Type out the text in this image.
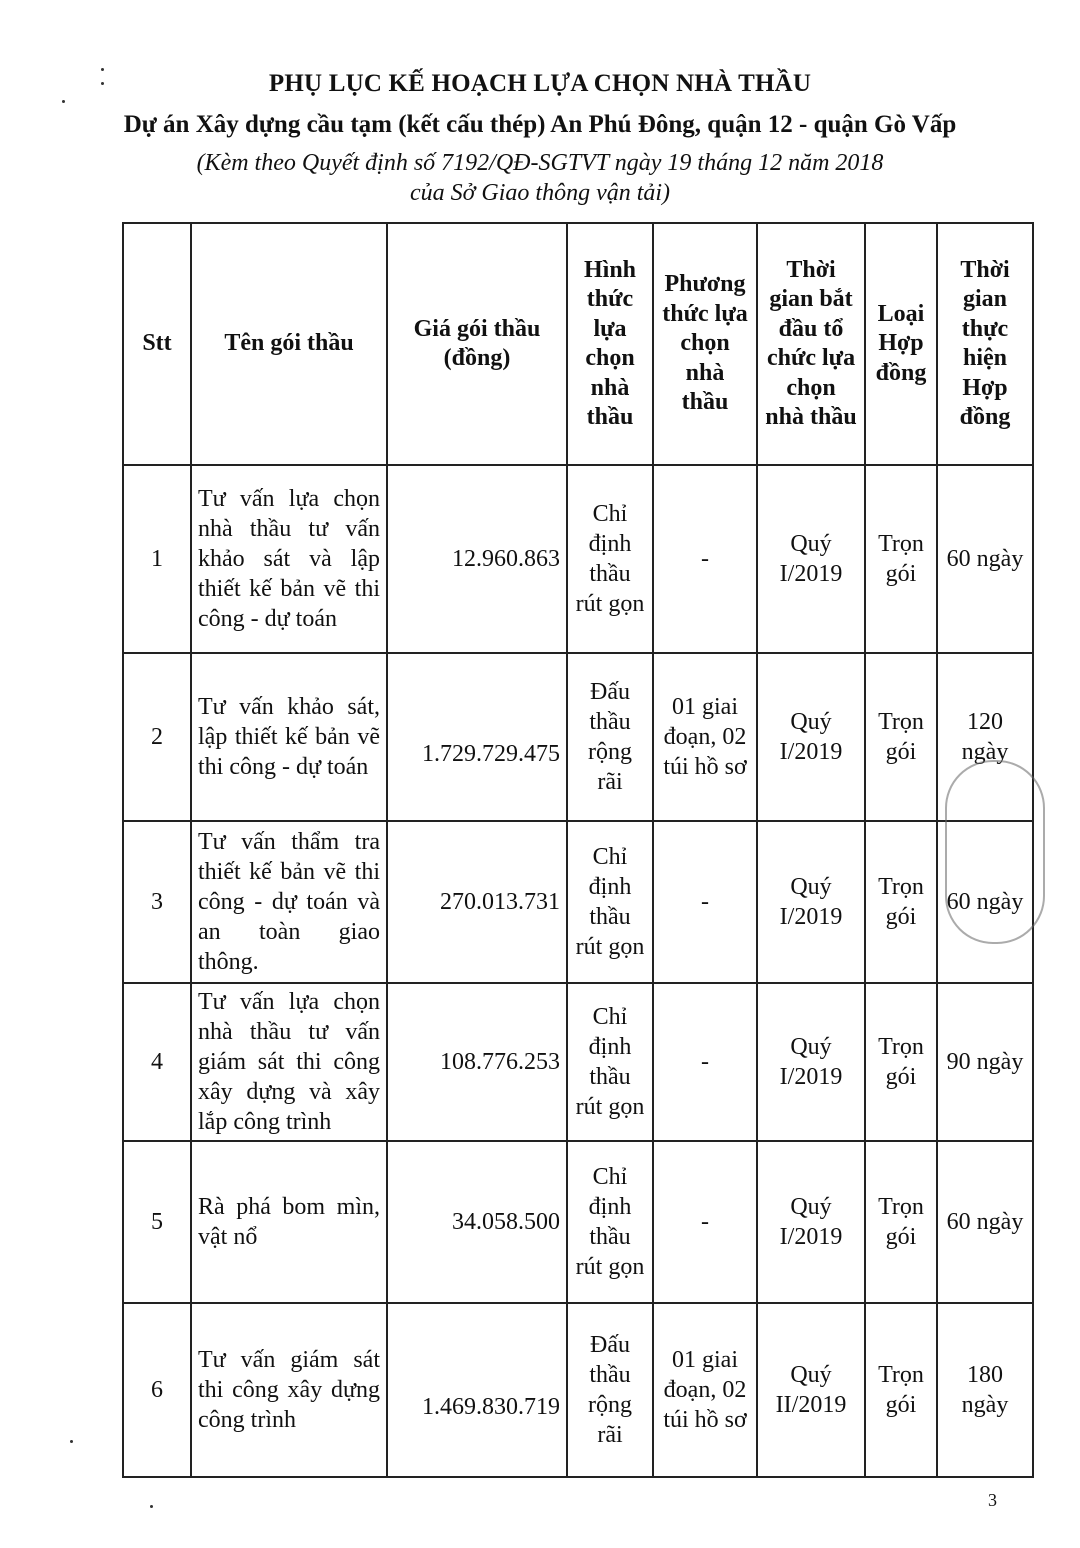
PHỤ LỤC KẾ HOẠCH LỰA CHỌN NHÀ THẦU
Dự án Xây dựng cầu tạm (kết cấu thép) An Phú Đông, quận 12 - quận Gò Vấp
(Kèm theo Quyết định số 7192/QĐ-SGTVT ngày 19 tháng 12 năm 2018
của Sở Giao thông vận tải)
Stt	Tên gói thầu	Giá gói thầu (đồng)	Hình thức lựa chọn nhà thầu	Phương thức lựa chọn nhà thầu	Thời gian bắt đầu tổ chức lựa chọn nhà thầu	Loại Hợp đồng	Thời gian thực hiện Hợp đồng
1	Tư vấn lựa chọn nhà thầu tư vấn khảo sát và lập thiết kế bản vẽ thi công - dự toán	12.960.863	Chỉ định thầu rút gọn	-	Quý I/2019	Trọn gói	60 ngày
2	Tư vấn khảo sát, lập thiết kế bản vẽ thi công - dự toán	1.729.729.475	Đấu thầu rộng rãi	01 giai đoạn, 02 túi hồ sơ	Quý I/2019	Trọn gói	120 ngày
3	Tư vấn thẩm tra thiết kế bản vẽ thi công - dự toán và an toàn giao thông.	270.013.731	Chỉ định thầu rút gọn	-	Quý I/2019	Trọn gói	60 ngày
4	Tư vấn lựa chọn nhà thầu tư vấn giám sát thi công xây dựng và xây lắp công trình	108.776.253	Chỉ định thầu rút gọn	-	Quý I/2019	Trọn gói	90 ngày
5	Rà phá bom mìn, vật nổ	34.058.500	Chỉ định thầu rút gọn	-	Quý I/2019	Trọn gói	60 ngày
6	Tư vấn giám sát thi công xây dựng công trình	1.469.830.719	Đấu thầu rộng rãi	01 giai đoạn, 02 túi hồ sơ	Quý II/2019	Trọn gói	180 ngày
3
